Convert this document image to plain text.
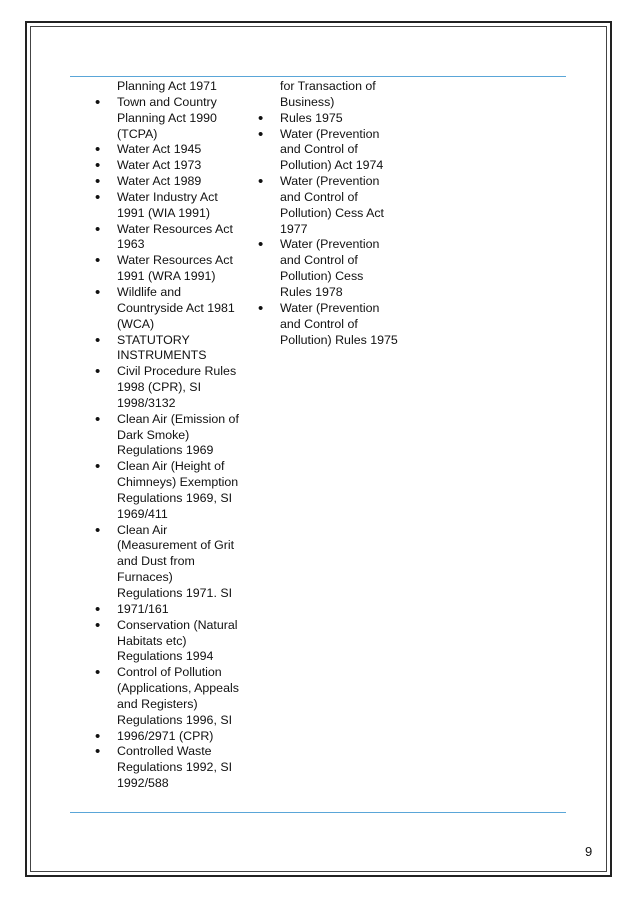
Planning Act 1971
• Town and Country Planning Act 1990 (TCPA)
• Water Act 1945
• Water Act 1973
• Water Act 1989
• Water Industry Act 1991 (WIA 1991)
• Water Resources Act 1963
• Water Resources Act 1991 (WRA 1991)
• Wildlife and Countryside Act 1981 (WCA)
• STATUTORY INSTRUMENTS
• Civil Procedure Rules 1998 (CPR), SI 1998/3132
• Clean Air (Emission of Dark Smoke) Regulations 1969
• Clean Air (Height of Chimneys) Exemption Regulations 1969, SI 1969/411
• Clean Air (Measurement of Grit and Dust from Furnaces) Regulations 1971. SI
• 1971/161
• Conservation (Natural Habitats etc) Regulations 1994
• Control of Pollution (Applications, Appeals and Registers) Regulations 1996, SI
• 1996/2971 (CPR)
• Controlled Waste Regulations 1992, SI 1992/588
for Transaction of Business)
• Rules 1975
• Water (Prevention and Control of Pollution) Act 1974
• Water (Prevention and Control of Pollution) Cess Act 1977
• Water (Prevention and Control of Pollution) Cess Rules 1978
• Water (Prevention and Control of Pollution) Rules 1975
9
